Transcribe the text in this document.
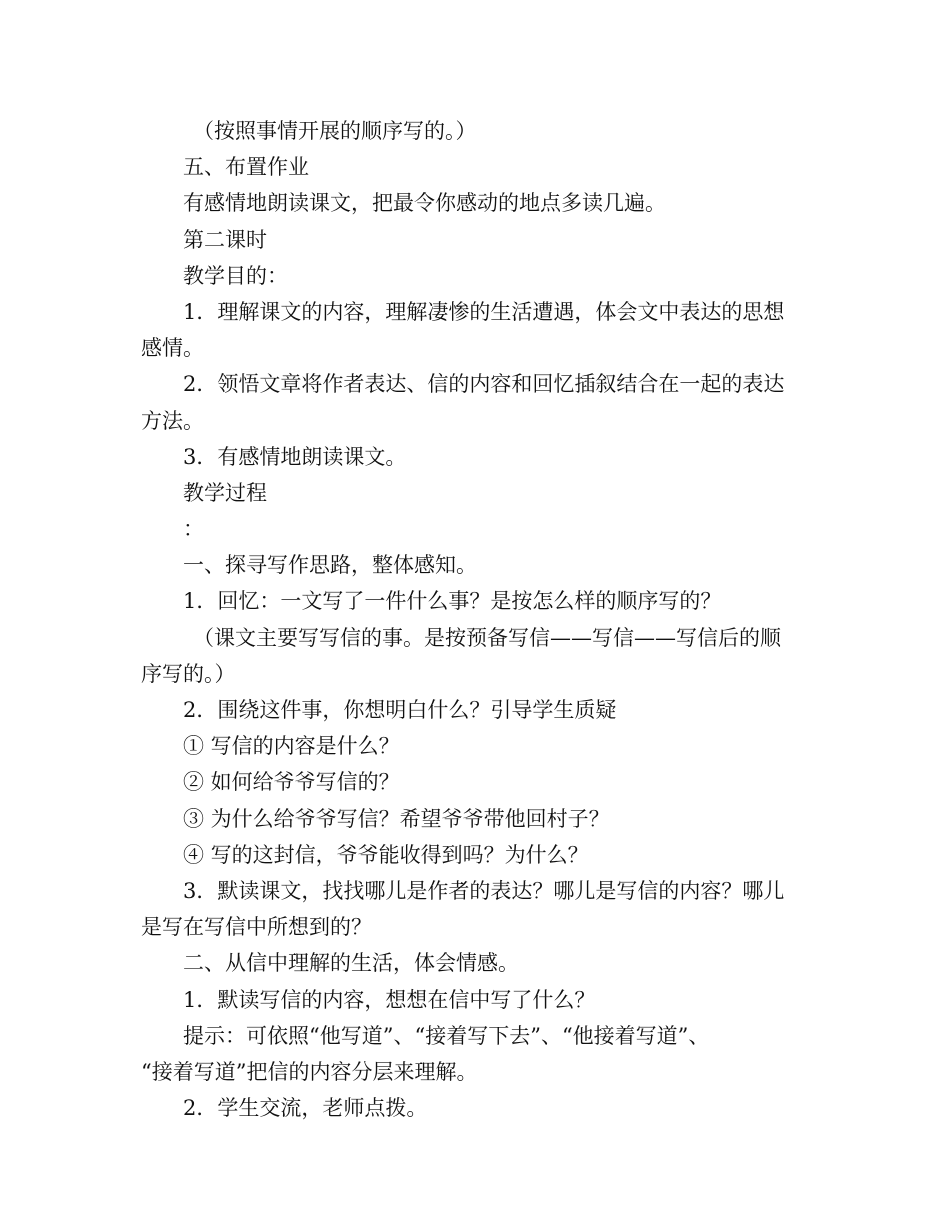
（按照事情开展的顺序写的。）
五、布置作业
有感情地朗读课文，把最令你感动的地点多读几遍。
第二课时
教学目的：
1．理解课文的内容，理解凄惨的生活遭遇，体会文中表达的思想
感情。
2．领悟文章将作者表达、信的内容和回忆插叙结合在一起的表达
方法。
3．有感情地朗读课文。
教学过程
：
一、探寻写作思路，整体感知。
1．回忆：一文写了一件什么事？是按怎么样的顺序写的？
（课文主要写写信的事。是按预备写信——写信——写信后的顺
序写的。）
2．围绕这件事，你想明白什么？引导学生质疑
① 写信的内容是什么？
② 如何给爷爷写信的？
③ 为什么给爷爷写信？希望爷爷带他回村子？
④ 写的这封信，爷爷能收得到吗？为什么？
3．默读课文，找找哪儿是作者的表达？哪儿是写信的内容？哪儿
是写在写信中所想到的？
二、从信中理解的生活，体会情感。
1．默读写信的内容，想想在信中写了什么？
提示：可依照“他写道”、“接着写下去”、“他接着写道”、
“接着写道”把信的内容分层来理解。
2．学生交流，老师点拨。
